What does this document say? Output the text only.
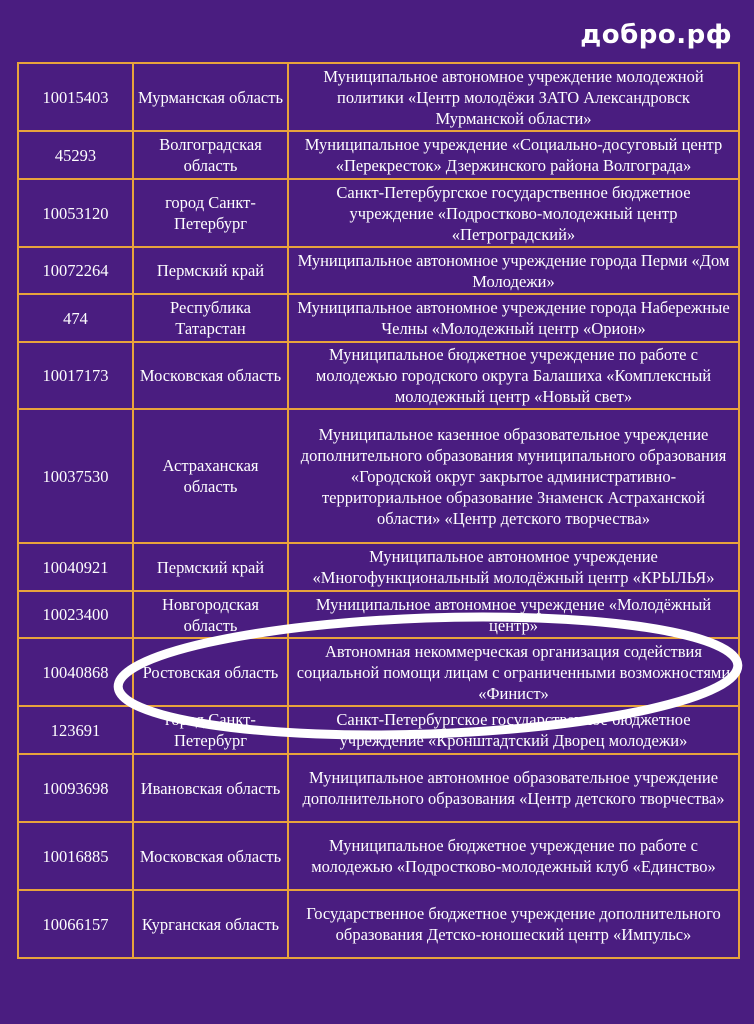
добро.рф
10015403	Мурманская область	Муниципальное автономное учреждение молодежной политики «Центр молодёжи ЗАТО Александровск Мурманской области»
45293	Волгоградская область	Муниципальное учреждение «Социально-досуговый центр «Перекресток» Дзержинского района Волгограда»
10053120	город Санкт-Петербург	Санкт-Петербургское государственное бюджетное учреждение «Подростково-молодежный центр «Петроградский»
10072264	Пермский край	Муниципальное автономное учреждение города Перми «Дом Молодежи»
474	Республика Татарстан	Муниципальное автономное учреждение города Набережные Челны «Молодежный центр «Орион»
10017173	Московская область	Муниципальное бюджетное учреждение по работе с молодежью городского округа Балашиха «Комплексный молодежный центр «Новый свет»
10037530	Астраханская область	Муниципальное казенное образовательное учреждение дополнительного образования муниципального образования «Городской округ закрытое административно-территориальное образование Знаменск Астраханской области» «Центр детского творчества»
10040921	Пермский край	Муниципальное автономное учреждение «Многофункциональный молодёжный центр «КРЫЛЬЯ»
10023400	Новгородская область	Муниципальное автономное учреждение «Молодёжный центр»
10040868	Ростовская область	Автономная некоммерческая организация содействия социальной помощи лицам с ограниченными возможностями «Финист»
123691	город Санкт-Петербург	Санкт-Петербургское государственное бюджетное учреждение «Кронштадтский Дворец молодежи»
10093698	Ивановская область	Муниципальное автономное образовательное учреждение дополнительного образования «Центр детского творчества»
10016885	Московская область	Муниципальное бюджетное учреждение по работе с молодежью «Подростково-молодежный клуб «Единство»
10066157	Курганская область	Государственное бюджетное учреждение дополнительного образования Детско-юношеский центр «Импульс»
